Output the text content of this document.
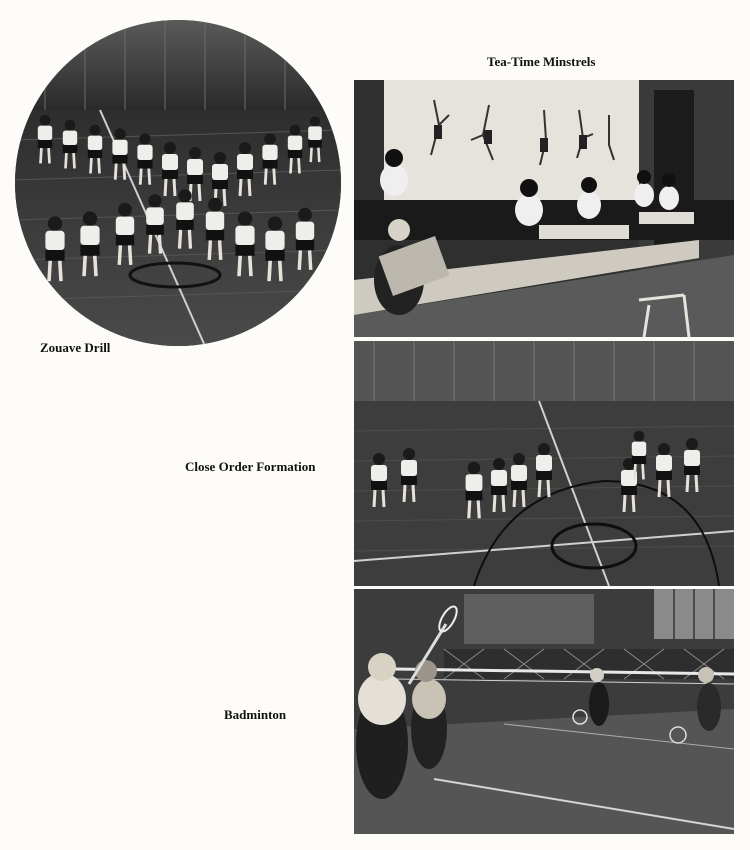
Zouave Drill
Tea-Time Minstrels
Close Order Formation
Badminton
